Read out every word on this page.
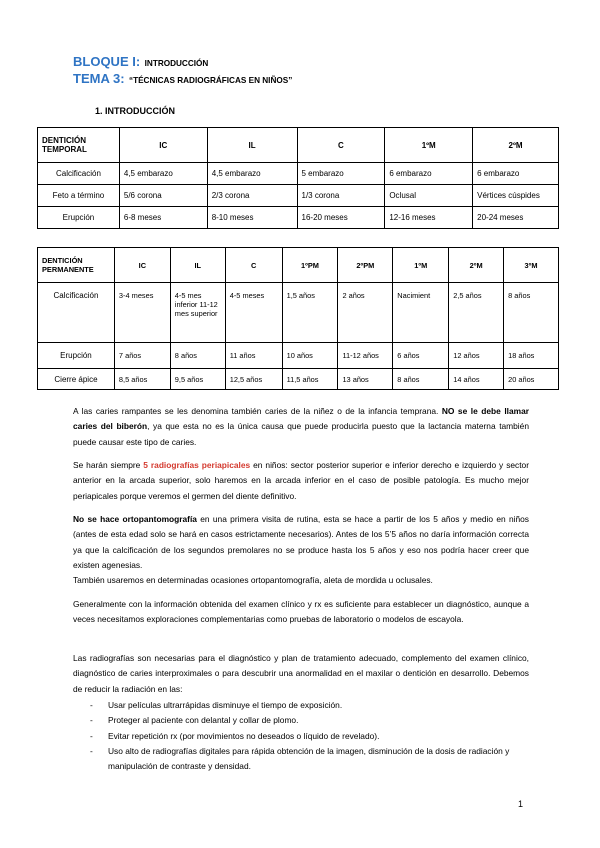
BLOQUE I: INTRODUCCIÓN
TEMA 3: “TÉCNICAS RADIOGRÁFICAS EN NIÑOS”
1. INTRODUCCIÓN
DENTICIÓN TEMPORAL	IC	IL	C	1ºM	2ºM
Calcificación	4,5 embarazo	4,5 embarazo	5 embarazo	6 embarazo	6 embarazo
Feto a término	5/6 corona	2/3 corona	1/3 corona	Oclusal	Vértices cúspides
Erupción	6-8 meses	8-10 meses	16-20 meses	12-16 meses	20-24 meses
DENTICIÓN PERMANENTE	IC	IL	C	1ºPM	2ºPM	1ºM	2ºM	3ºM
Calcificación	3-4 meses	4-5 mes inferior 11-12 mes superior	4-5 meses	1,5 años	2 años	Nacimient	2,5 años	8 años
Erupción	7 años	8 años	11 años	10 años	11-12 años	6 años	12 años	18 años
Cierre ápice	8,5 años	9,5 años	12,5 años	11,5 años	13 años	8 años	14 años	20 años
A las caries rampantes se les denomina también caries de la niñez o de la infancia temprana. NO se le debe llamar caries del biberón, ya que esta no es la única causa que puede producirla puesto que la lactancia materna también puede causar este tipo de caries.
Se harán siempre 5 radiografías periapicales en niños: sector posterior superior e inferior derecho e izquierdo y sector anterior en la arcada superior, solo haremos en la arcada inferior en el caso de posible patología. Es mucho mejor periapicales porque veremos el germen del diente definitivo.
No se hace ortopantomografía en una primera visita de rutina, esta se hace a partir de los 5 años y medio en niños (antes de esta edad solo se hará en casos estrictamente necesarios). Antes de los 5’5 años no daría información correcta ya que la calcificación de los segundos premolares no se produce hasta los 5 años y eso nos podría hacer creer que existen agenesias.
También usaremos en determinadas ocasiones ortopantomografía, aleta de mordida u oclusales.
Generalmente con la información obtenida del examen clínico y rx es suficiente para establecer un diagnóstico, aunque a veces necesitamos exploraciones complementarias como pruebas de laboratorio o modelos de escayola.
Las radiografías son necesarias para el diagnóstico y plan de tratamiento adecuado, complemento del examen clínico, diagnóstico de caries interproximales o para descubrir una anormalidad en el maxilar o dentición en desarrollo. Debemos de reducir la radiación en las:
- Usar películas ultrarrápidas disminuye el tiempo de exposición.
- Proteger al paciente con delantal y collar de plomo.
- Evitar repetición rx (por movimientos no deseados o líquido de revelado).
- Uso alto de radiografías digitales para rápida obtención de la imagen, disminución de la dosis de radiación y manipulación de contraste y densidad.
1
